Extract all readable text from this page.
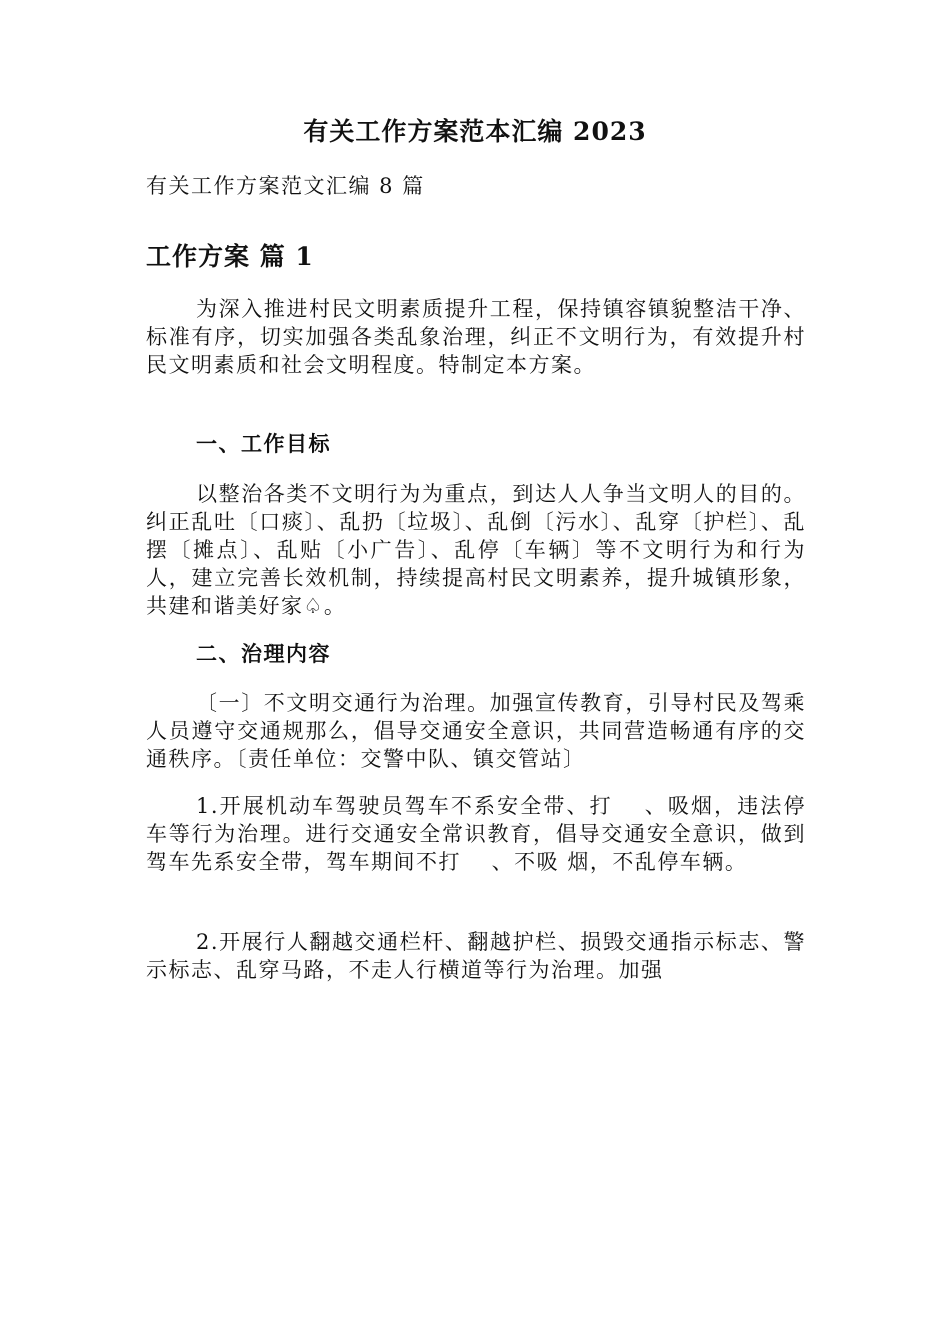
有关工作方案范本汇编 2023
有关工作方案范文汇编 8 篇
工作方案 篇 1

为深入推进村民文明素质提升工程，保持镇容镇貌整洁干净、标准有序，切实加强各类乱象治理，纠正不文明行为，有效提升村民文明素质和社会文明程度。特制定本方案。

一、工作目标

以整治各类不文明行为为重点，到达人人争当文明人的目的。纠正乱吐〔口痰〕、乱扔〔垃圾〕、乱倒〔污水〕、乱穿〔护栏〕、乱摆〔摊点〕、乱贴〔小广告〕、乱停〔车辆〕等不文明行为和行为人，建立完善长效机制，持续提高村民文明素养，提升城镇形象，共建和谐美好家♤。

二、治理内容

〔一〕不文明交通行为治理。加强宣传教育，引导村民及驾乘人员遵守交通规那么，倡导交通安全意识，共同营造畅通有序的交通秩序。〔责任单位：交警中队、镇交管站〕

1.开展机动车驾驶员驾车不系安全带、打　 、吸烟，违法停车等行为治理。进行交通安全常识教育，倡导交通安全意识，做到驾车先系安全带，驾车期间不打　 、不吸 烟，不乱停车辆。

2.开展行人翻越交通栏杆、翻越护栏、损毁交通指示标志、警示标志、乱穿马路，不走人行横道等行为治理。加强
